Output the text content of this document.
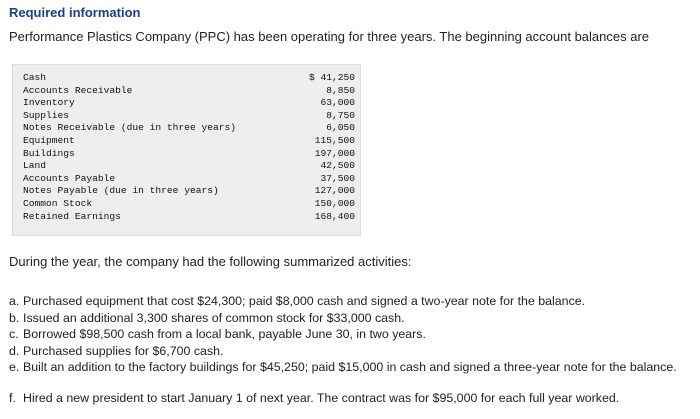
Required information
Performance Plastics Company (PPC) has been operating for three years. The beginning account balances are
Cash	$ 41,250
Accounts Receivable	8,850
Inventory	63,000
Supplies	8,750
Notes Receivable (due in three years)	6,050
Equipment	115,500
Buildings	197,000
Land	42,500
Accounts Payable	37,500
Notes Payable (due in three years)	127,000
Common Stock	150,000
Retained Earnings	168,400
During the year, the company had the following summarized activities:
a. Purchased equipment that cost $24,300; paid $8,000 cash and signed a two-year note for the balance.
b. Issued an additional 3,300 shares of common stock for $33,000 cash.
c. Borrowed $98,500 cash from a local bank, payable June 30, in two years.
d. Purchased supplies for $6,700 cash.
e. Built an addition to the factory buildings for $45,250; paid $15,000 in cash and signed a three-year note for the balance.
f. Hired a new president to start January 1 of next year. The contract was for $95,000 for each full year worked.
